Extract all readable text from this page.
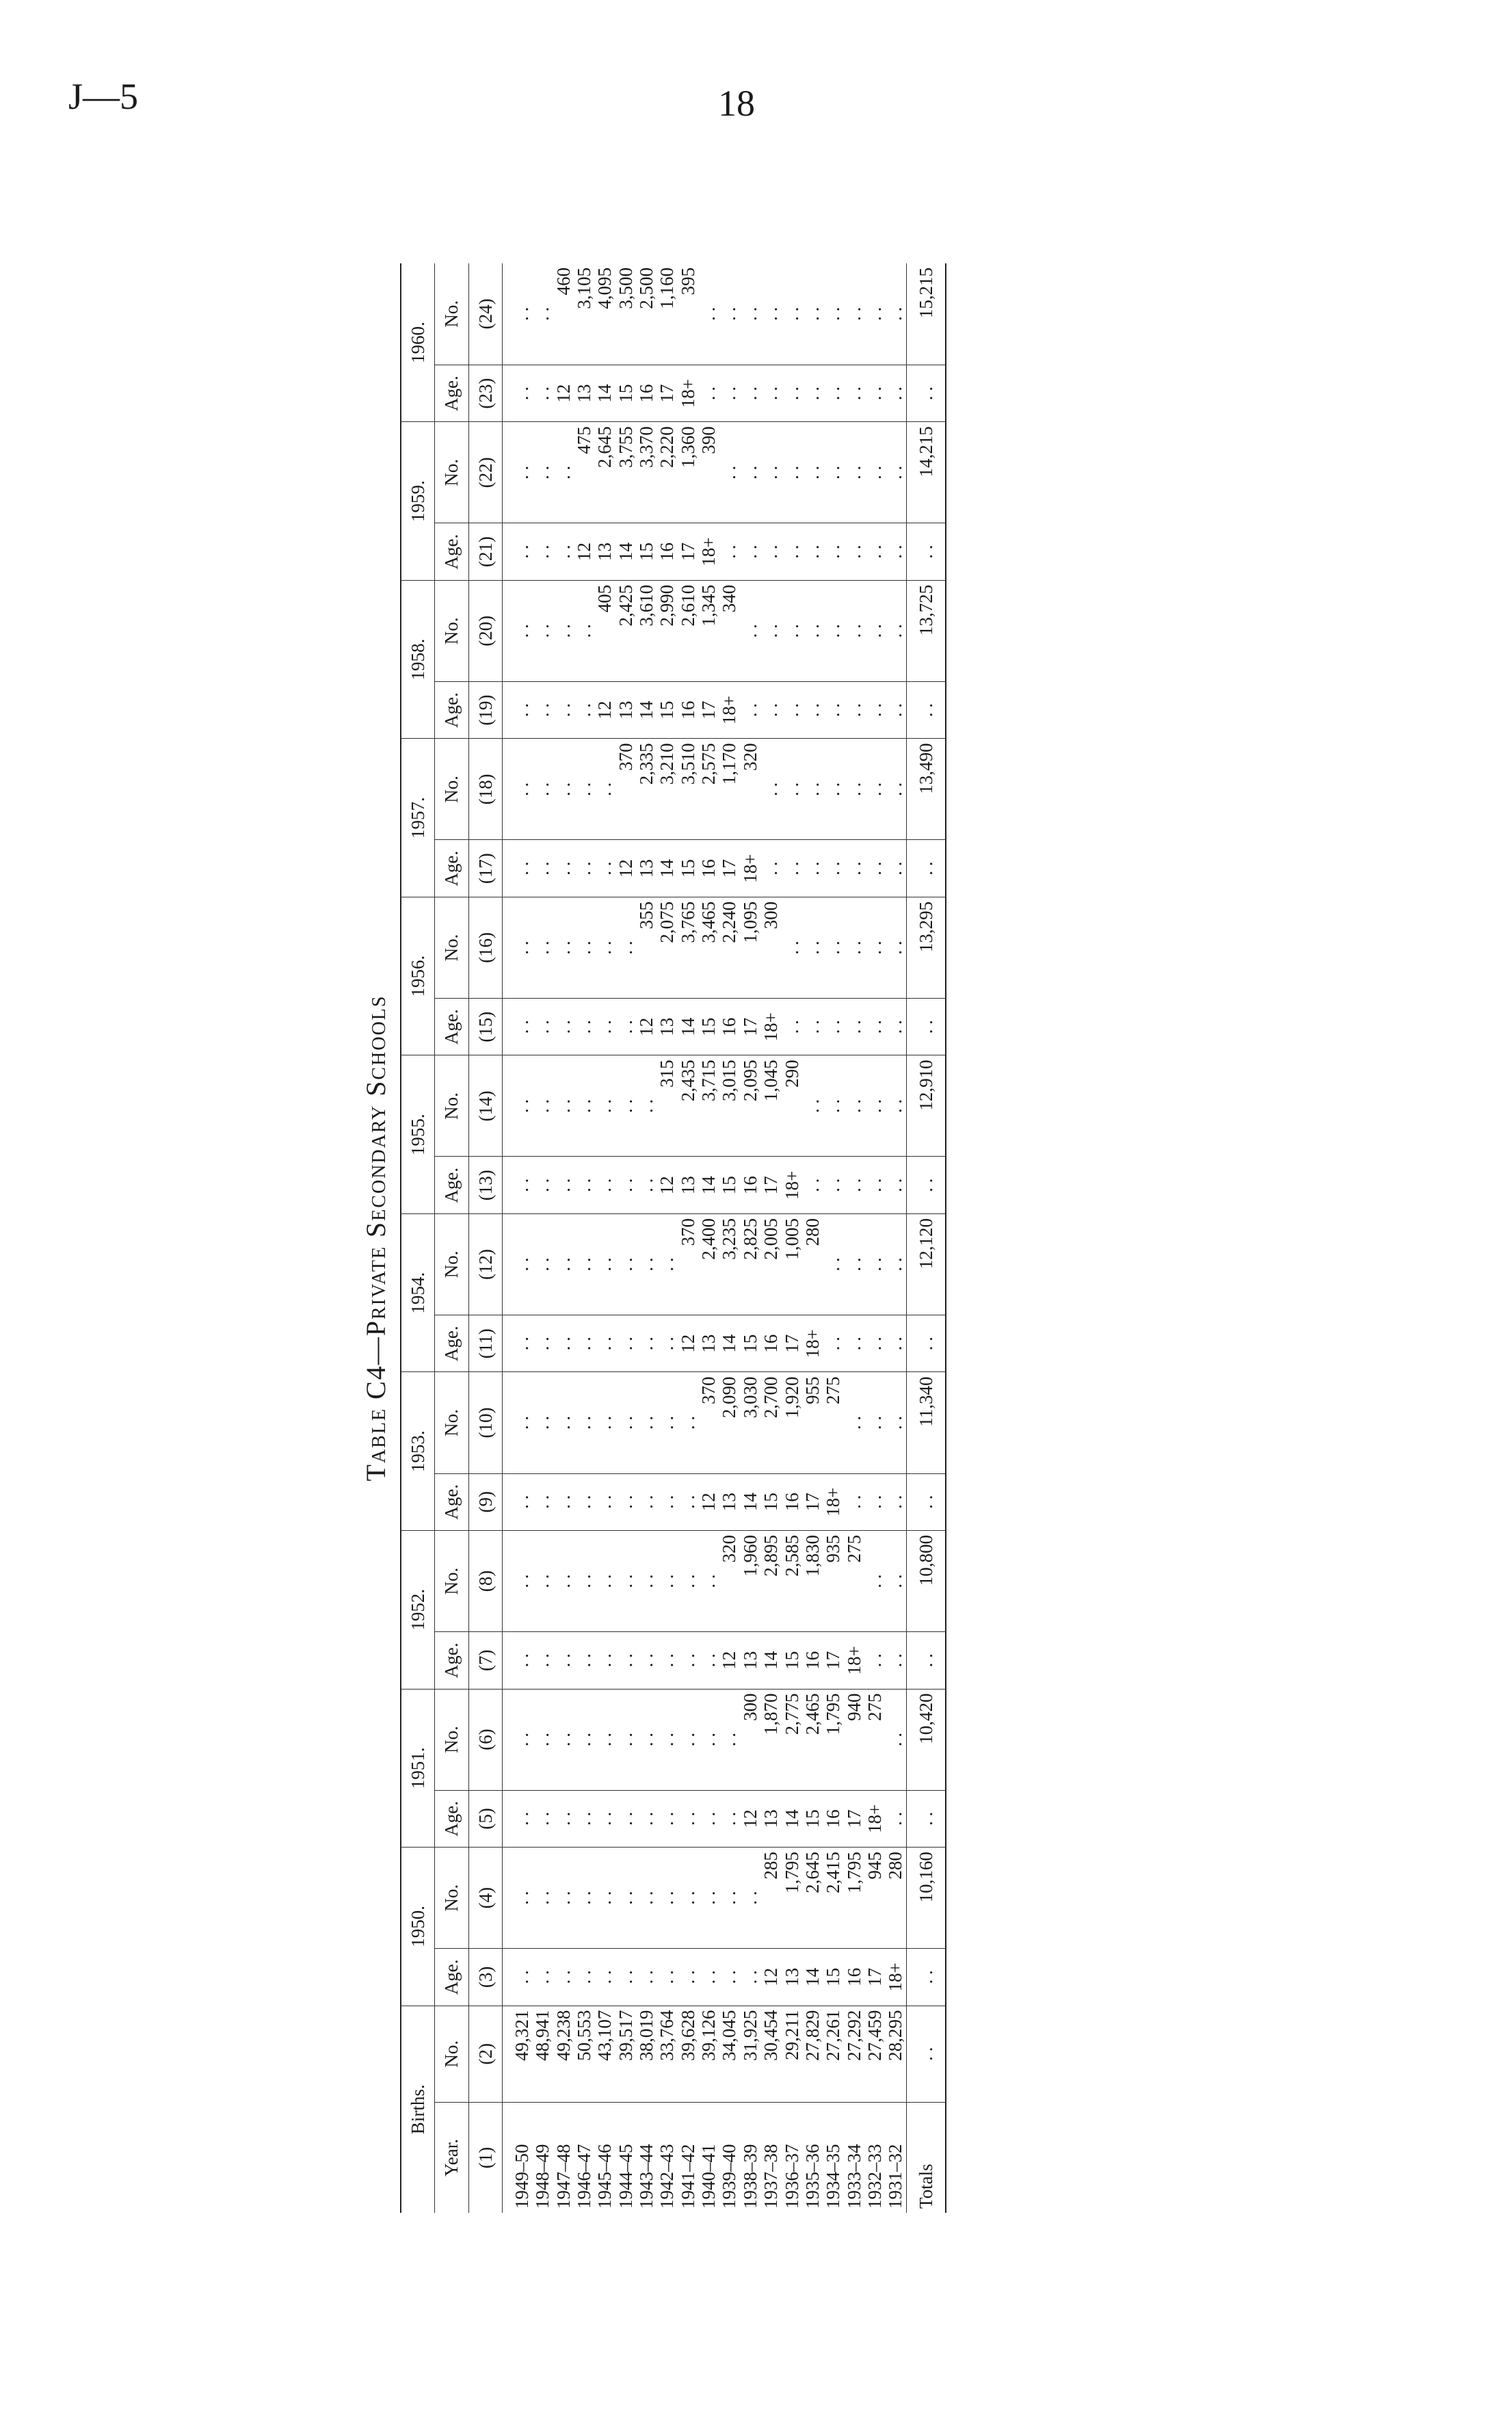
J—5	18
Table C4—Private Secondary Schools
Births.		1950.		1951.		1952.		1953.		1954.		1955.		1956.		1957.		1958.		1959.		1960.	
Year.	No.	Age.	No.	Age.	No.	Age.	No.	Age.	No.	Age.	No.	Age.	No.	Age.	No.	Age.	No.	Age.	No.	Age.	No.	Age.	No.
(1)	(2)	(3)	(4)	(5)	(6)	(7)	(8)	(9)	(10)	(11)	(12)	(13)	(14)	(15)	(16)	(17)	(18)	(19)	(20)	(21)	(22)	(23)	(24)
1949–50	49,321	. .	. .	. .	. .	. .	. .	. .	. .	. .	. .	. .	. .	. .	. .	. .	. .	. .	. .	. .	. .	. .	. .
1948–49	48,941	. .	. .	. .	. .	. .	. .	. .	. .	. .	. .	. .	. .	. .	. .	. .	. .	. .	. .	. .	. .	. .	. .
1947–48	49,238	. .	. .	. .	. .	. .	. .	. .	. .	. .	. .	. .	. .	. .	. .	. .	. .	. .	. .	. .	. .	12	460
1946–47	50,553	. .	. .	. .	. .	. .	. .	. .	. .	. .	. .	. .	. .	. .	. .	. .	. .	. .	. .	12	475	13	3,105
1945–46	43,107	. .	. .	. .	. .	. .	. .	. .	. .	. .	. .	. .	. .	. .	. .	. .	. .	12	405	13	2,645	14	4,095
1944–45	39,517	. .	. .	. .	. .	. .	. .	. .	. .	. .	. .	. .	. .	. .	. .	12	370	13	2,425	14	3,755	15	3,500
1943–44	38,019	. .	. .	. .	. .	. .	. .	. .	. .	. .	. .	. .	. .	12	355	13	2,335	14	3,610	15	3,370	16	2,500
1942–43	33,764	. .	. .	. .	. .	. .	. .	. .	. .	. .	. .	12	315	13	2,075	14	3,210	15	2,990	16	2,220	17	1,160
1941–42	39,628	. .	. .	. .	. .	. .	. .	. .	. .	12	370	13	2,435	14	3,765	15	3,510	16	2,610	17	1,360	18+	395
1940–41	39,126	. .	. .	. .	. .	. .	. .	12	370	13	2,400	14	3,715	15	3,465	16	2,575	17	1,345	18+	390	. .	. .
1939–40	34,045	. .	. .	. .	. .	12	320	13	2,090	14	3,235	15	3,015	16	2,240	17	1,170	18+	340	. .	. .	. .	. .
1938–39	31,925	. .	. .	12	300	13	1,960	14	3,030	15	2,825	16	2,095	17	1,095	18+	320	. .	. .	. .	. .	. .	. .
1937–38	30,454	12	285	13	1,870	14	2,895	15	2,700	16	2,005	17	1,045	18+	300	. .	. .	. .	. .	. .	. .	. .	. .
1936–37	29,211	13	1,795	14	2,775	15	2,585	16	1,920	17	1,005	18+	290	. .	. .	. .	. .	. .	. .	. .	. .	. .	. .
1935–36	27,829	14	2,645	15	2,465	16	1,830	17	955	18+	280	. .	. .	. .	. .	. .	. .	. .	. .	. .	. .	. .	. .
1934–35	27,261	15	2,415	16	1,795	17	935	18+	275	. .	. .	. .	. .	. .	. .	. .	. .	. .	. .	. .	. .	. .	. .
1933–34	27,292	16	1,795	17	940	18+	275	. .	. .	. .	. .	. .	. .	. .	. .	. .	. .	. .	. .	. .	. .	. .	. .
1932–33	27,459	17	945	18+	275	. .	. .	. .	. .	. .	. .	. .	. .	. .	. .	. .	. .	. .	. .	. .	. .	. .	. .
1931–32	28,295	18+	280	. .	. .	. .	. .	. .	. .	. .	. .	. .	. .	. .	. .	. .	. .	. .	. .	. .	. .	. .	. .
Totals	. .	. .	10,160	. .	10,420	. .	10,800	. .	11,340	. .	12,120	. .	12,910	. .	13,295	. .	13,490	. .	13,725	. .	14,215	. .	15,215
